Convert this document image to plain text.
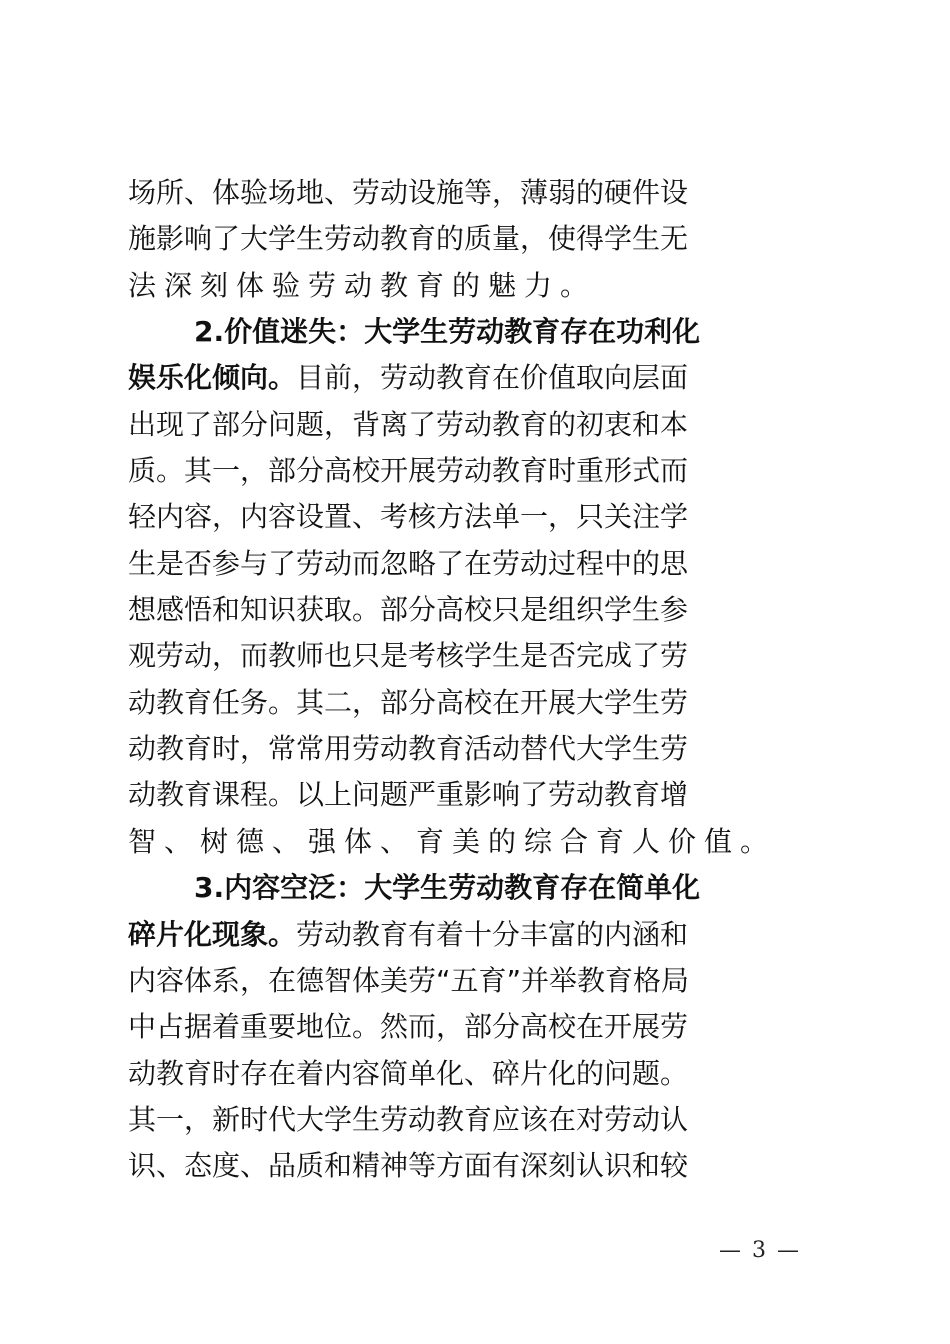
场所、体验场地、劳动设施等，薄弱的硬件设
施影响了大学生劳动教育的质量，使得学生无
法深刻体验劳动教育的魅力。
2.价值迷失：大学生劳动教育存在功利化
娱乐化倾向。目前，劳动教育在价值取向层面
出现了部分问题，背离了劳动教育的初衷和本
质。其一，部分高校开展劳动教育时重形式而
轻内容，内容设置、考核方法单一，只关注学
生是否参与了劳动而忽略了在劳动过程中的思
想感悟和知识获取。部分高校只是组织学生参
观劳动，而教师也只是考核学生是否完成了劳
动教育任务。其二，部分高校在开展大学生劳
动教育时，常常用劳动教育活动替代大学生劳
动教育课程。以上问题严重影响了劳动教育增
智、树德、强体、育美的综合育人价值。
3.内容空泛：大学生劳动教育存在简单化
碎片化现象。劳动教育有着十分丰富的内涵和
内容体系，在德智体美劳“五育”并举教育格局
中占据着重要地位。然而，部分高校在开展劳
动教育时存在着内容简单化、碎片化的问题。
其一，新时代大学生劳动教育应该在对劳动认
识、态度、品质和精神等方面有深刻认识和较
— 3 —
